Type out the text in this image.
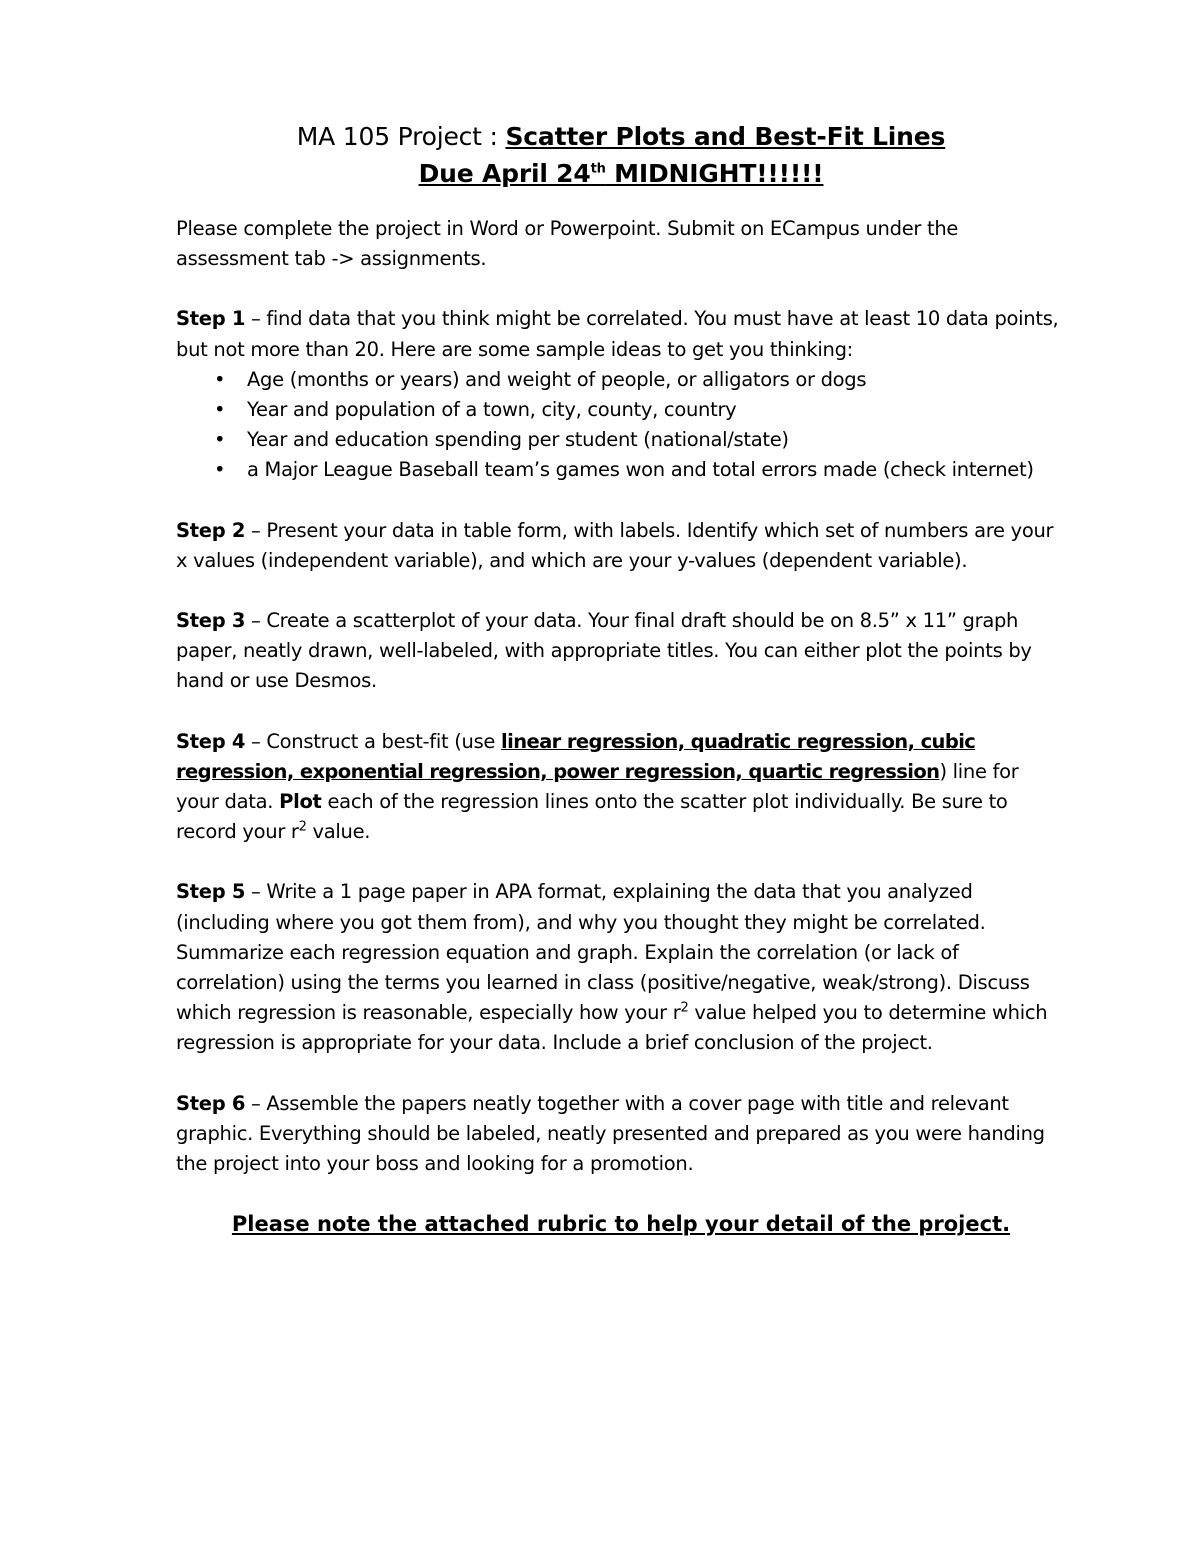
MA 105 Project : Scatter Plots and Best-Fit Lines
Due April 24th MIDNIGHT!!!!!!

Please complete the project in Word or Powerpoint. Submit on ECampus under the assessment tab -> assignments.

Step 1 – find data that you think might be correlated. You must have at least 10 data points, but not more than 20. Here are some sample ideas to get you thinking:

• Age (months or years) and weight of people, or alligators or dogs
• Year and population of a town, city, county, country
• Year and education spending per student (national/state)
• a Major League Baseball team’s games won and total errors made (check internet)

Step 2 – Present your data in table form, with labels. Identify which set of numbers are your x values (independent variable), and which are your y-values (dependent variable).

Step 3 – Create a scatterplot of your data. Your final draft should be on 8.5” x 11” graph paper, neatly drawn, well-labeled, with appropriate titles. You can either plot the points by hand or use Desmos.

Step 4 – Construct a best-fit (use linear regression, quadratic regression, cubic regression, exponential regression, power regression, quartic regression) line for your data. Plot each of the regression lines onto the scatter plot individually. Be sure to record your $r^2$ value.

Step 5 – Write a 1 page paper in APA format, explaining the data that you analyzed (including where you got them from), and why you thought they might be correlated. Summarize each regression equation and graph. Explain the correlation (or lack of correlation) using the terms you learned in class (positive/negative, weak/strong). Discuss which regression is reasonable, especially how your $r^2$ value helped you to determine which regression is appropriate for your data. Include a brief conclusion of the project.

Step 6 – Assemble the papers neatly together with a cover page with title and relevant graphic. Everything should be labeled, neatly presented and prepared as you were handing the project into your boss and looking for a promotion.

Please note the attached rubric to help your detail of the project.
